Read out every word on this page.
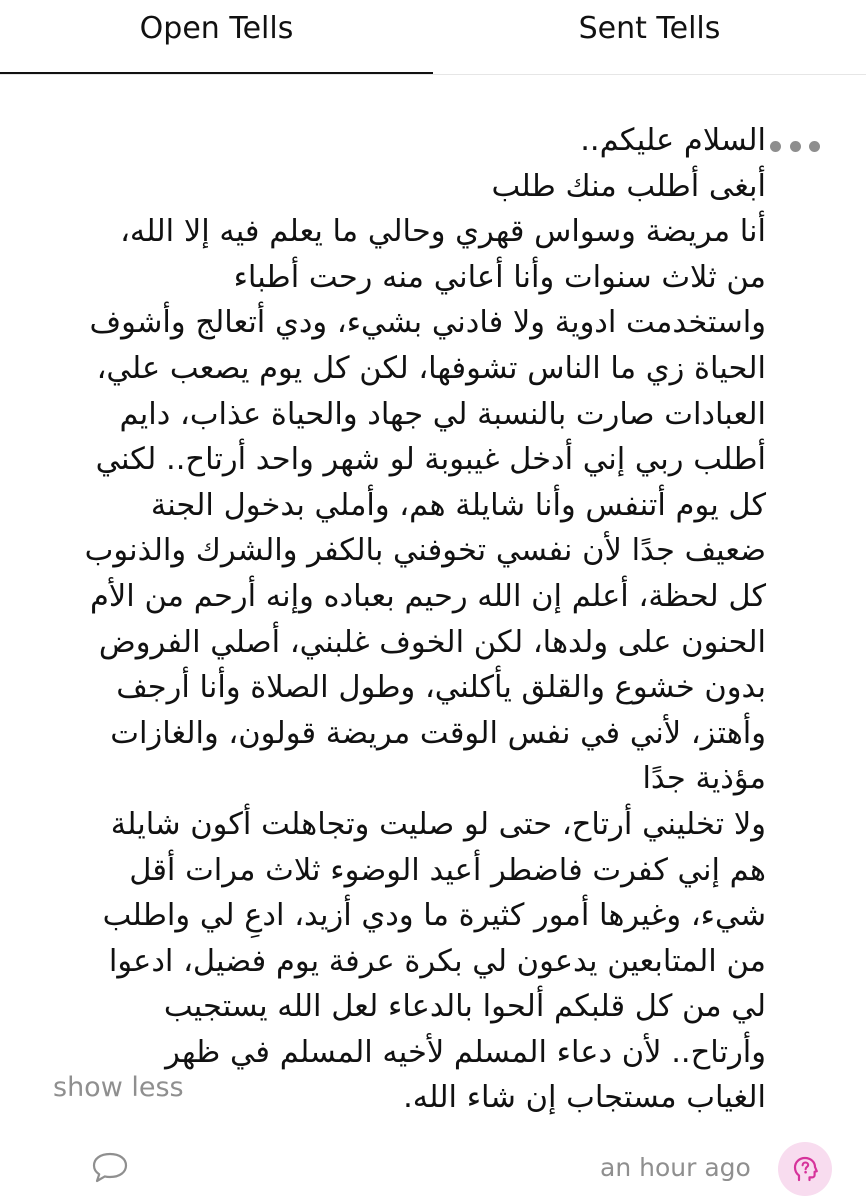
Open Tells	Sent Tells
السلام عليكم..
أبغى أطلب منك طلب
أنا مريضة وسواس قهري وحالي ما يعلم فيه إلا الله،
من ثلاث سنوات وأنا أعاني منه رحت أطباء
واستخدمت ادوية ولا فادني بشيء، ودي أتعالج وأشوف
الحياة زي ما الناس تشوفها، لكن كل يوم يصعب علي،
العبادات صارت بالنسبة لي جهاد والحياة عذاب، دايم
أطلب ربي إني أدخل غيبوبة لو شهر واحد أرتاح.. لكني
كل يوم أتنفس وأنا شايلة هم، وأملي بدخول الجنة
ضعيف جدًا لأن نفسي تخوفني بالكفر والشرك والذنوب
كل لحظة، أعلم إن الله رحيم بعباده وإنه أرحم من الأم
الحنون على ولدها، لكن الخوف غلبني، أصلي الفروض
بدون خشوع والقلق يأكلني، وطول الصلاة وأنا أرجف
وأهتز، لأني في نفس الوقت مريضة قولون، والغازات
مؤذية جدًا
ولا تخليني أرتاح، حتى لو صليت وتجاهلت أكون شايلة
هم إني كفرت فاضطر أعيد الوضوء ثلاث مرات أقل
شيء، وغيرها أمور كثيرة ما ودي أزيد، ادعِ لي واطلب
من المتابعين يدعون لي بكرة عرفة يوم فضيل، ادعوا
لي من كل قلبكم ألحوا بالدعاء لعل الله يستجيب
وأرتاح.. لأن دعاء المسلم لأخيه المسلم في ظهر
الغياب مستجاب إن شاء الله.
show less
an hour ago
